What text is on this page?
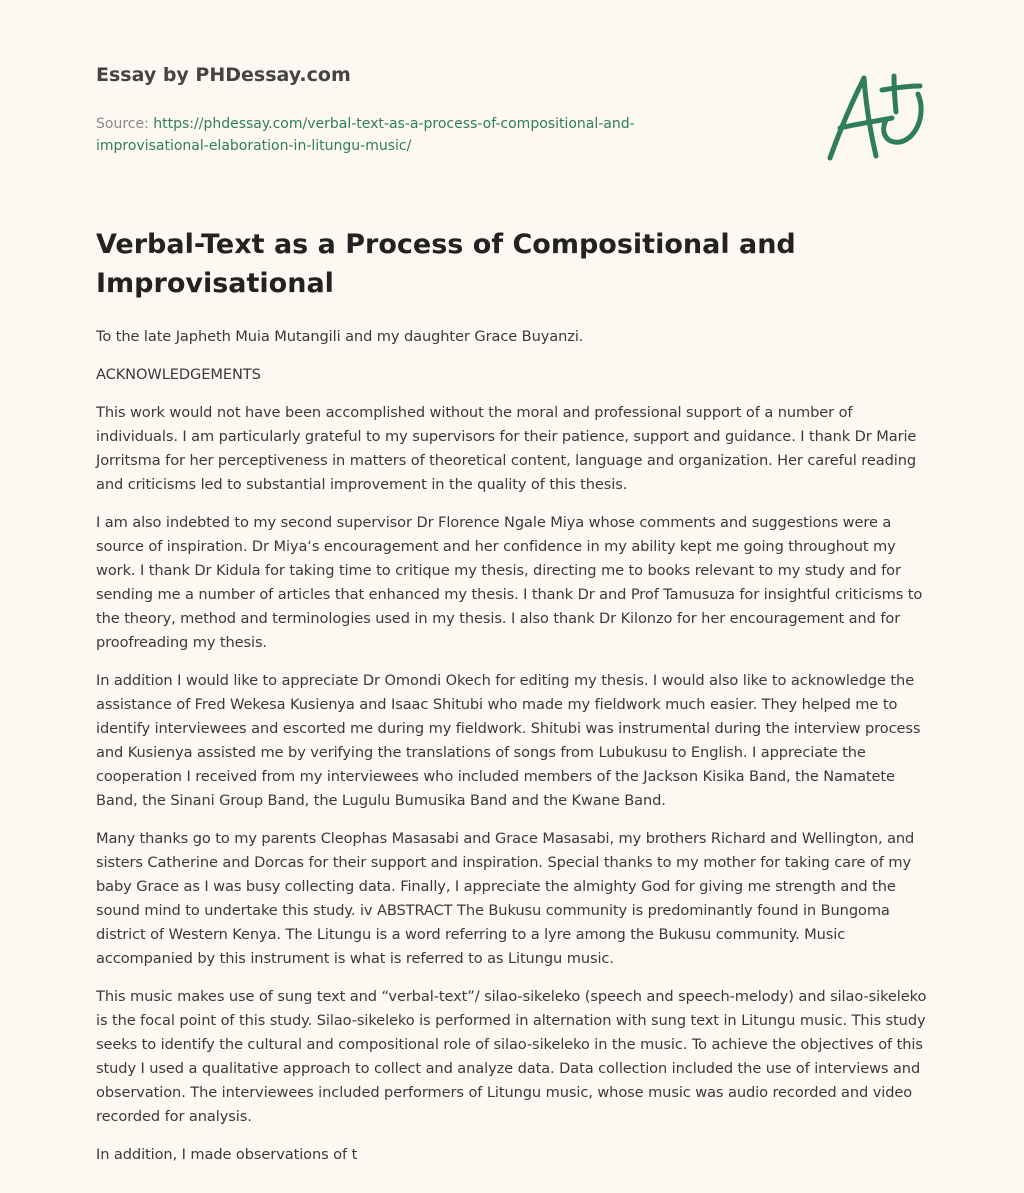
Essay by PHDessay.com
Source: https://phdessay.com/verbal-text-as-a-process-of-compositional-and-
improvisational-elaboration-in-litungu-music/
Verbal-Text as a Process of Compositional and Improvisational

To the late Japheth Muia Mutangili and my daughter Grace Buyanzi.

ACKNOWLEDGEMENTS

This work would not have been accomplished without the moral and professional support of a number of individuals. I am particularly grateful to my supervisors for their patience, support and guidance. I thank Dr Marie Jorritsma for her perceptiveness in matters of theoretical content, language and organization. Her careful reading and criticisms led to substantial improvement in the quality of this thesis.

I am also indebted to my second supervisor Dr Florence Ngale Miya whose comments and suggestions were a source of inspiration. Dr Miya‘s encouragement and her confidence in my ability kept me going throughout my work. I thank Dr Kidula for taking time to critique my thesis, directing me to books relevant to my study and for sending me a number of articles that enhanced my thesis. I thank Dr and Prof Tamusuza for insightful criticisms to the theory, method and terminologies used in my thesis. I also thank Dr Kilonzo for her encouragement and for proofreading my thesis.

In addition I would like to appreciate Dr Omondi Okech for editing my thesis. I would also like to acknowledge the assistance of Fred Wekesa Kusienya and Isaac Shitubi who made my fieldwork much easier. They helped me to identify interviewees and escorted me during my fieldwork. Shitubi was instrumental during the interview process and Kusienya assisted me by verifying the translations of songs from Lubukusu to English. I appreciate the cooperation I received from my interviewees who included members of the Jackson Kisika Band, the Namatete Band, the Sinani Group Band, the Lugulu Bumusika Band and the Kwane Band.

Many thanks go to my parents Cleophas Masasabi and Grace Masasabi, my brothers Richard and Wellington, and sisters Catherine and Dorcas for their support and inspiration. Special thanks to my mother for taking care of my baby Grace as I was busy collecting data. Finally, I appreciate the almighty God for giving me strength and the sound mind to undertake this study. iv ABSTRACT The Bukusu community is predominantly found in Bungoma district of Western Kenya. The Litungu is a word referring to a lyre among the Bukusu community. Music accompanied by this instrument is what is referred to as Litungu music.

This music makes use of sung text and “verbal-text”/ silao-sikeleko (speech and speech-melody) and silao-sikeleko is the focal point of this study. Silao-sikeleko is performed in alternation with sung text in Litungu music. This study seeks to identify the cultural and compositional role of silao-sikeleko in the music. To achieve the objectives of this study I used a qualitative approach to collect and analyze data. Data collection included the use of interviews and observation. The interviewees included performers of Litungu music, whose music was audio recorded and video recorded for analysis.

In addition, I made observations of t
